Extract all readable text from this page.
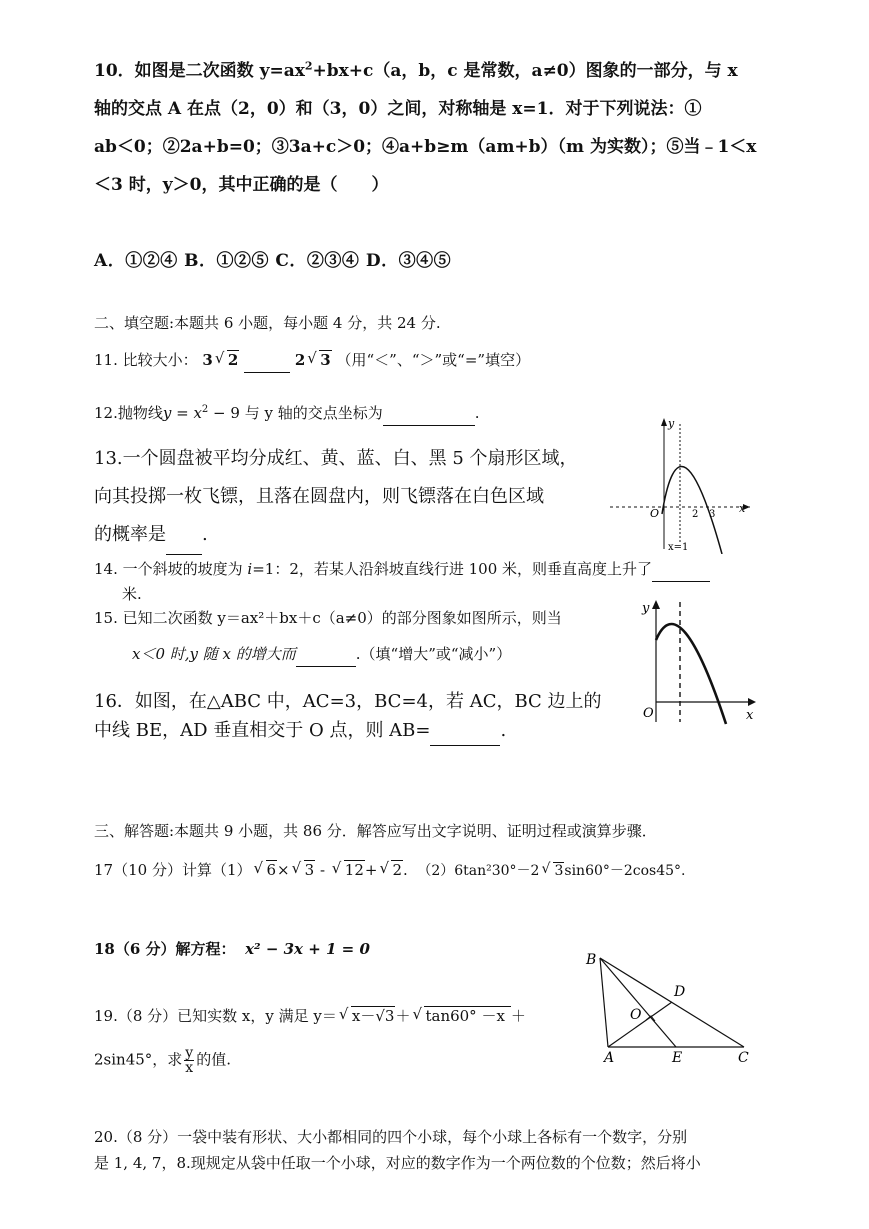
10．如图是二次函数 $y=ax^2+bx+c(a$，b，c 是常数，a≠0）图象的一部分，与 x
轴的交点 A 在点（2，0）和（3，0）之间，对称轴是 x=1．对于下列说法：①
ab＜0；②2a+b=0；③3a+c＞0；④a+b≥m（am+b）（m 为实数）；⑤当﹣1＜x
＜3 时，y＞0，其中正确的是（　　）
A．①②④ B．①②⑤ C．②③④ D．③④⑤
二、填空题:本题共 6 小题，每小题 4 分，共 24 分.
11. 比较大小： 3 √ 2	2 √ 3 （用“＜”、“＞”或“=”填空）
12.抛物线$y = x^2 - 9$ 与 y 轴的交点坐标为	.
13.一个圆盘被平均分成红、黄、蓝、白、黑 5 个扇形区域，
向其投掷一枚飞镖，且落在圆盘内，则飞镖落在白色区域
的概率是 .
y
x
O	2 3
x=1
14. 一个斜坡的坡度为 i=1：2，若某人沿斜坡直线行进 100 米，则垂直高度上升了
米.
15. 已知二次函数 y＝ax²＋bx＋c（a≠0）的部分图象如图所示，则当
x＜0 时,y 随 x 的增大而	.（填“增大”或“减小”）
y
x
O
16．如图，在△ABC 中，AC=3，BC=4，若 AC，BC 边上的
中线 BE，AD 垂直相交于 O 点，则 AB=	.
三、解答题:本题共 9 小题，共 86 分．解答应写出文字说明、证明过程或演算步骤．
17（10 分）计算（1） √ 6× √ 3 - √ 12+ √ 2. （2）6tan²30°－2 √ 3sin60°－2cos45°.
18（6 分）解方程： x² − 3x + 1 = 0
19.（8 分）已知实数 x，y 满足 y＝ √ x－√3＋ √ tan60° －x ＋
2sin45°，求 $\frac{y}{x}$ 的值.
B
D
O
A	E	C
20.（8 分）一袋中装有形状、大小都相同的四个小球，每个小球上各标有一个数字，分别
是 1, 4, 7，8.现规定从袋中任取一个小球，对应的数字作为一个两位数的个位数；然后将小
